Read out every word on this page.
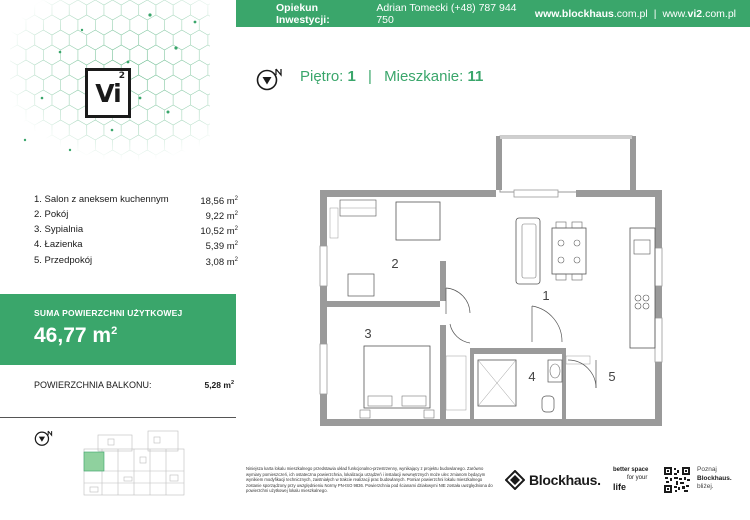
Opiekun Inwestycji:
Adrian Tomecki (+48) 787 944 750	www.blockhaus.com.pl | www.vi2.com.pl
Vi
2	Piętro: 1 | Mieszkanie: 11
1. Salon z aneksem kuchennym	18,56 $m^2$
2. Pokój	9,22 $m^2$
3. Sypialnia	10,52 $m^2$
4. Łazienka	5,39 $m^2$
5. Przedpokój	3,08 $m^2$
SUMA POWIERZCHNI UŻYTKOWEJ
46,77 $m^2$
POWIERZCHNIA BALKONU:	5,28 $m^2$
2
1
3
4	5
Niniejsza karta lokalu mieszkalnego przedstawia układ funkcjonalno-przestrzenny, wynikający z projektu budowlanego. Zarówno wymiary pomieszczeń, ich ostateczna powierzchnia, lokalizacja urządzeń i instalacji wewnętrznych może ulec zmianom będącym wynikiem modyfikacji technicznych, zaistniałych w trakcie realizacji prac budowlanych. Pomiar powierzchni lokalu mieszkalnego zostanie sporządzony przy uwzględnieniu Normy PN-ISO 9836. Powierzchnia pod ścianami działowymi NIE została uwzględniona do powierzchni użytkowej lokalu mieszkalnego.
Blockhaus.
better space
for your
life
Poznaj
Blockhaus.
bliżej.
